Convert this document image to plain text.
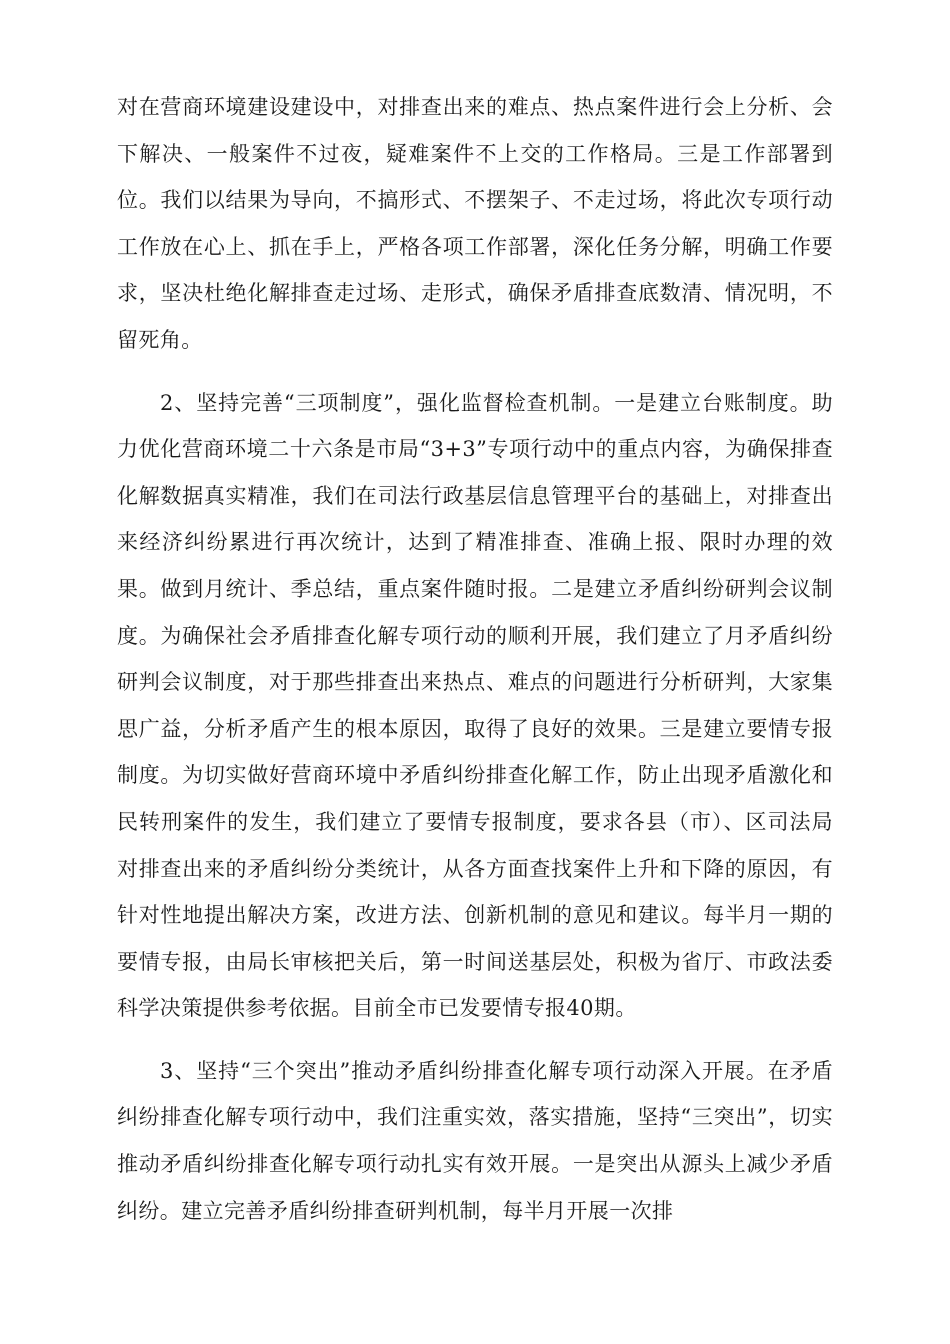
对在营商环境建设建设中，对排查出来的难点、热点案件进行会上分析、会下解决、一般案件不过夜，疑难案件不上交的工作格局。三是工作部署到位。我们以结果为导向，不搞形式、不摆架子、不走过场，将此次专项行动工作放在心上、抓在手上，严格各项工作部署，深化任务分解，明确工作要求，坚决杜绝化解排查走过场、走形式，确保矛盾排查底数清、情况明，不留死角。

2、坚持完善“三项制度”，强化监督检查机制。一是建立台账制度。助力优化营商环境二十六条是市局“3+3”专项行动中的重点内容，为确保排查化解数据真实精准，我们在司法行政基层信息管理平台的基础上，对排查出来经济纠纷累进行再次统计，达到了精准排查、准确上报、限时办理的效果。做到月统计、季总结，重点案件随时报。二是建立矛盾纠纷研判会议制度。为确保社会矛盾排查化解专项行动的顺利开展，我们建立了月矛盾纠纷研判会议制度，对于那些排查出来热点、难点的问题进行分析研判，大家集思广益，分析矛盾产生的根本原因，取得了良好的效果。三是建立要情专报制度。为切实做好营商环境中矛盾纠纷排查化解工作，防止出现矛盾激化和民转刑案件的发生，我们建立了要情专报制度，要求各县（市）、区司法局对排查出来的矛盾纠纷分类统计，从各方面查找案件上升和下降的原因，有针对性地提出解决方案，改进方法、创新机制的意见和建议。每半月一期的要情专报，由局长审核把关后，第一时间送基层处，积极为省厅、市政法委科学决策提供参考依据。目前全市已发要情专报40期。

3、坚持“三个突出”推动矛盾纠纷排查化解专项行动深入开展。在矛盾纠纷排查化解专项行动中，我们注重实效，落实措施，坚持“三突出”，切实推动矛盾纠纷排查化解专项行动扎实有效开展。一是突出从源头上减少矛盾纠纷。建立完善矛盾纠纷排查研判机制，每半月开展一次排
